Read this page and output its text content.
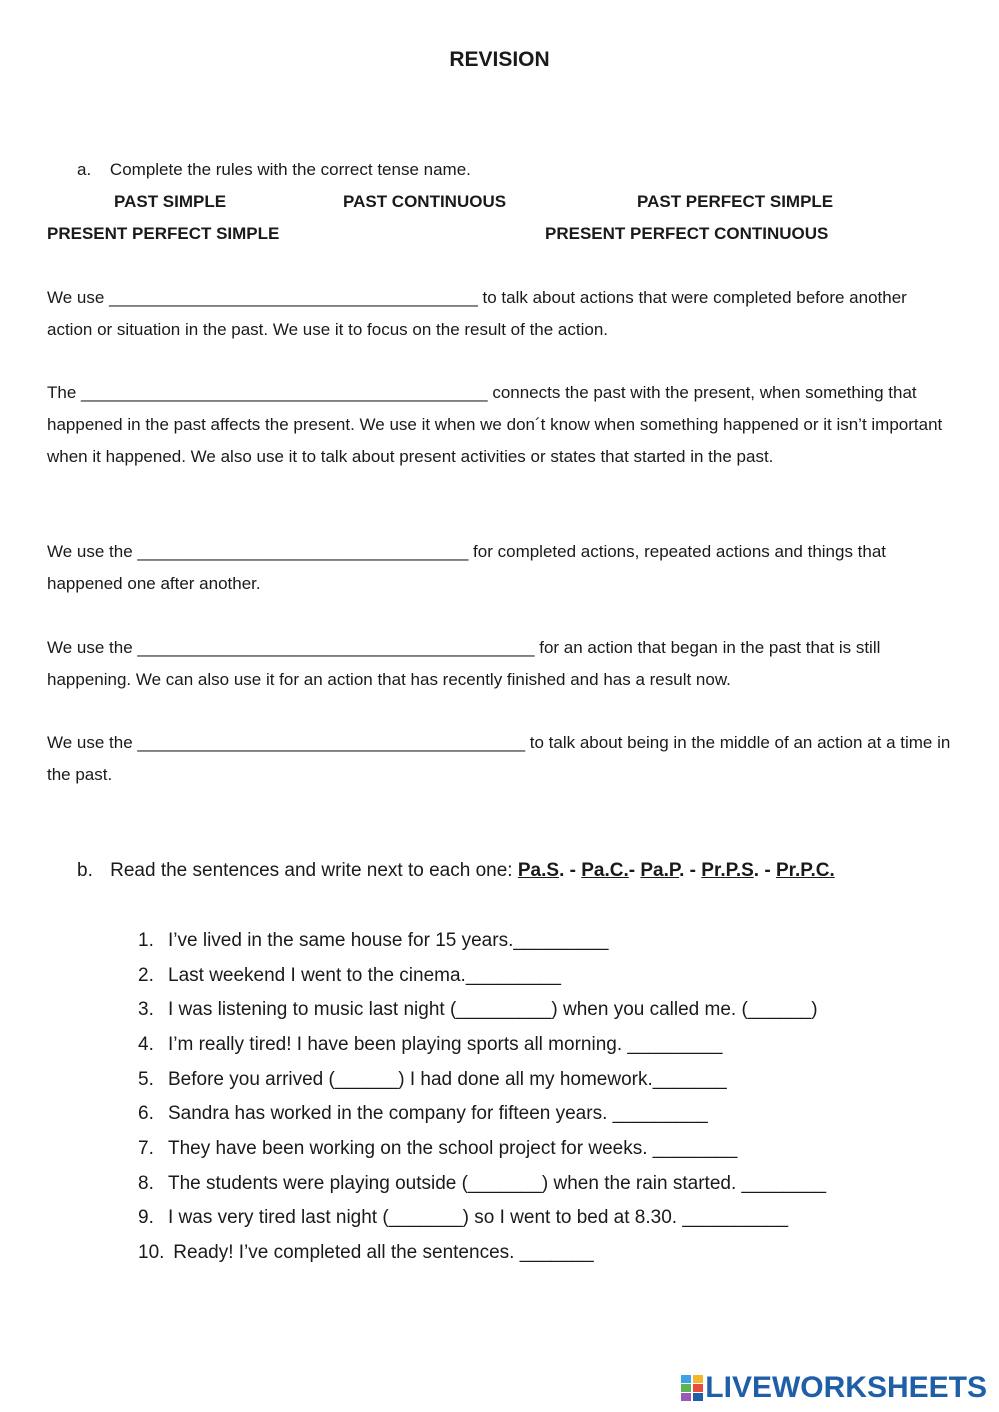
REVISION
a. Complete the rules with the correct tense name.
PAST SIMPLE	PAST CONTINUOUS	PAST PERFECT SIMPLE
PRESENT PERFECT SIMPLE	PRESENT PERFECT CONTINUOUS
We use _______________________________________ to talk about actions that were completed before another action or situation in the past. We use it to focus on the result of the action.
The ___________________________________________ connects the past with the present, when something that happened in the past affects the present. We use it when we don´t know when something happened or it isn’t important when it happened. We also use it to talk about present activities or states that started in the past.
We use the ___________________________________ for completed actions, repeated actions and things that happened one after another.
We use the __________________________________________ for an action that began in the past that is still happening. We can also use it for an action that has recently finished and has a result now.
We use the _________________________________________ to talk about being in the middle of an action at a time in the past.
b. Read the sentences and write next to each one: Pa.S. - Pa.C.- Pa.P. - Pr.P.S. - Pr.P.C.
1. I’ve lived in the same house for 15 years._________
2. Last weekend I went to the cinema._________
3. I was listening to music last night (_________) when you called me. (______)
4. I’m really tired! I have been playing sports all morning. _________
5. Before you arrived (______) I had done all my homework._______
6. Sandra has worked in the company for fifteen years. _________
7. They have been working on the school project for weeks. ________
8. The students were playing outside (_______) when the rain started. ________
9. I was very tired last night (_______) so I went to bed at 8.30. __________
10. Ready! I’ve completed all the sentences. _______
LIVEWORKSHEETS
